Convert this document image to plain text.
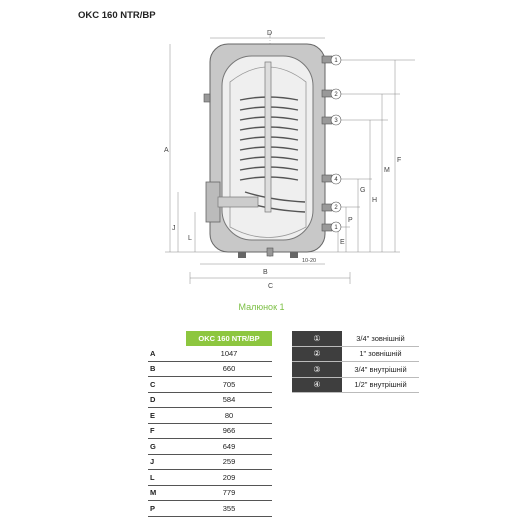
OKC 160 NTR/BP
A
B
C
D
E
F
G
H
J
L
M
P
10-20
1
2
3
4
2
1
Малюнок 1
	OKC 160 NTR/BP
A	1047
B	660
C	705
D	584
E	80
F	966
G	649
J	259
L	209
M	779
P	355
①	3/4" зовнішній
②	1" зовнішній
③	3/4" внутрішній
④	1/2" внутрішній
